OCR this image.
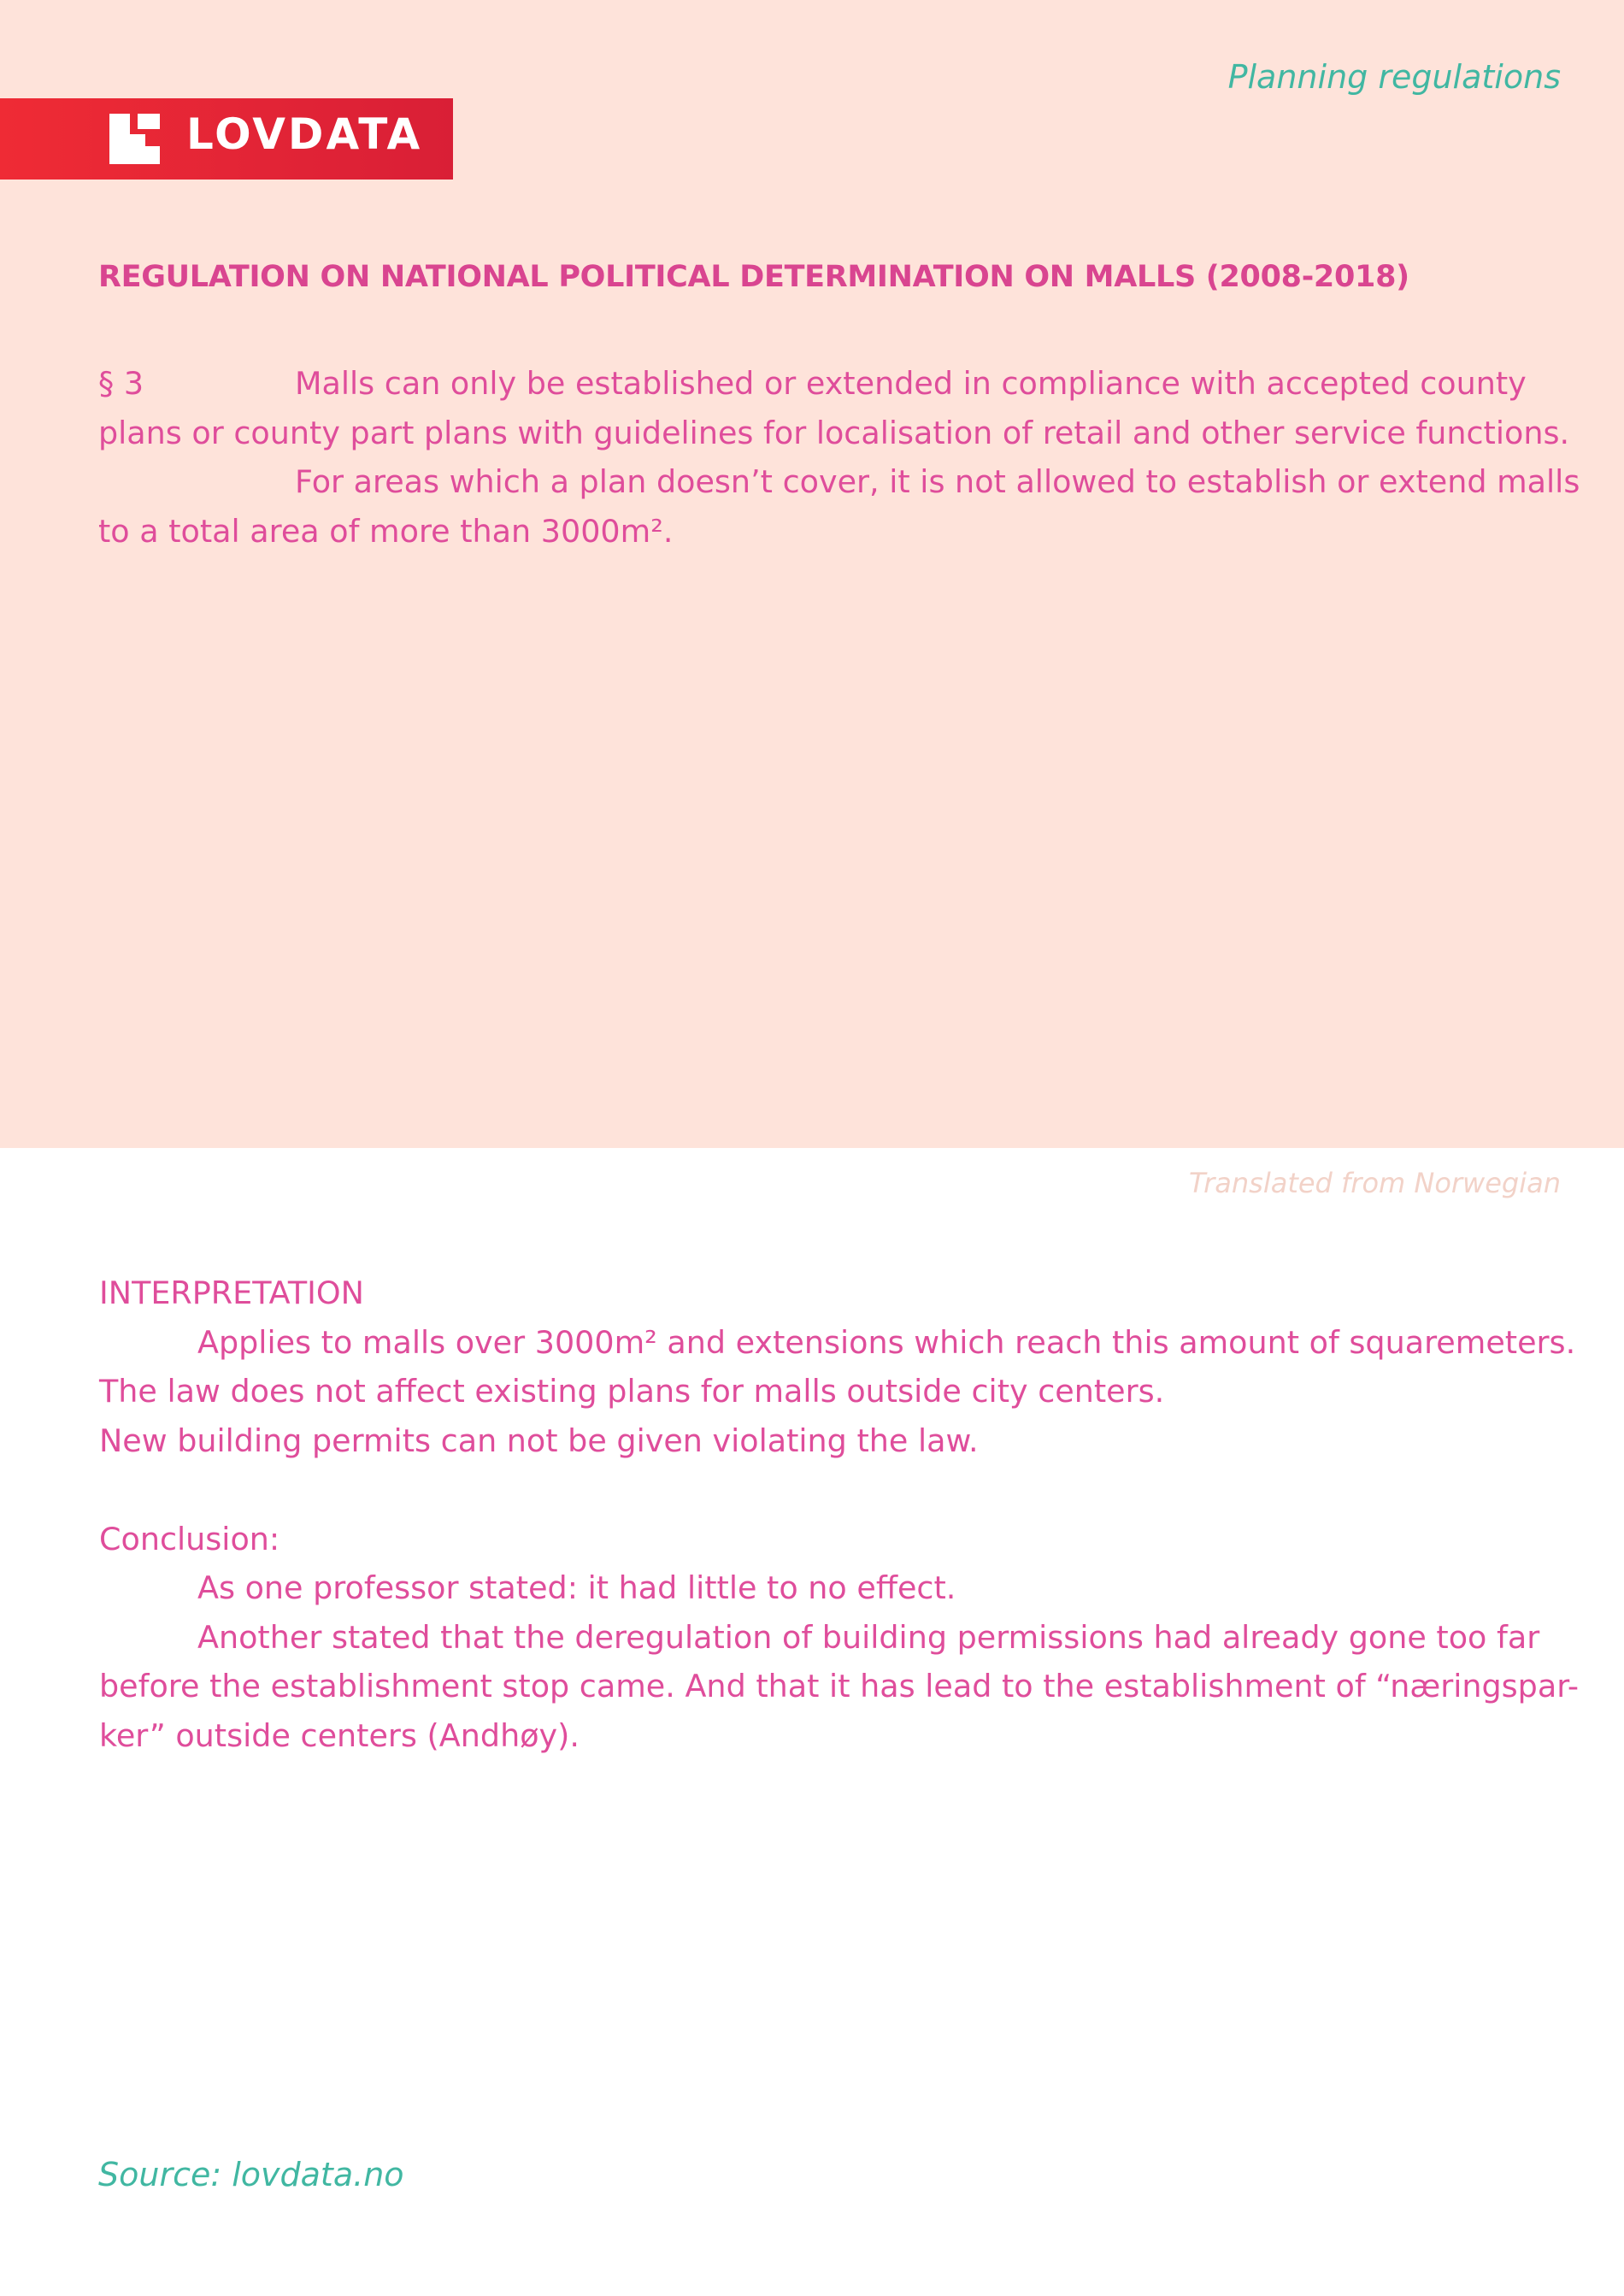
Planning regulations
LOVDATA
REGULATION ON NATIONAL POLITICAL DETERMINATION ON MALLS (2008-2018)
§ 3	Malls can only be established or extended in compliance with accepted county
plans or county part plans with guidelines for localisation of retail and other service functions.
For areas which a plan doesn’t cover, it is not allowed to establish or extend malls
to a total area of more than 3000m².
Translated from Norwegian
INTERPRETATION
Applies to malls over 3000m² and extensions which reach this amount of squaremeters.
The law does not affect existing plans for malls outside city centers.
New building permits can not be given violating the law.
Conclusion:
As one professor stated: it had little to no effect.
Another stated that the deregulation of building permissions had already gone too far
before the establishment stop came. And that it has lead to the establishment of “næringspar-
ker” outside centers (Andhøy).
Source: lovdata.no
